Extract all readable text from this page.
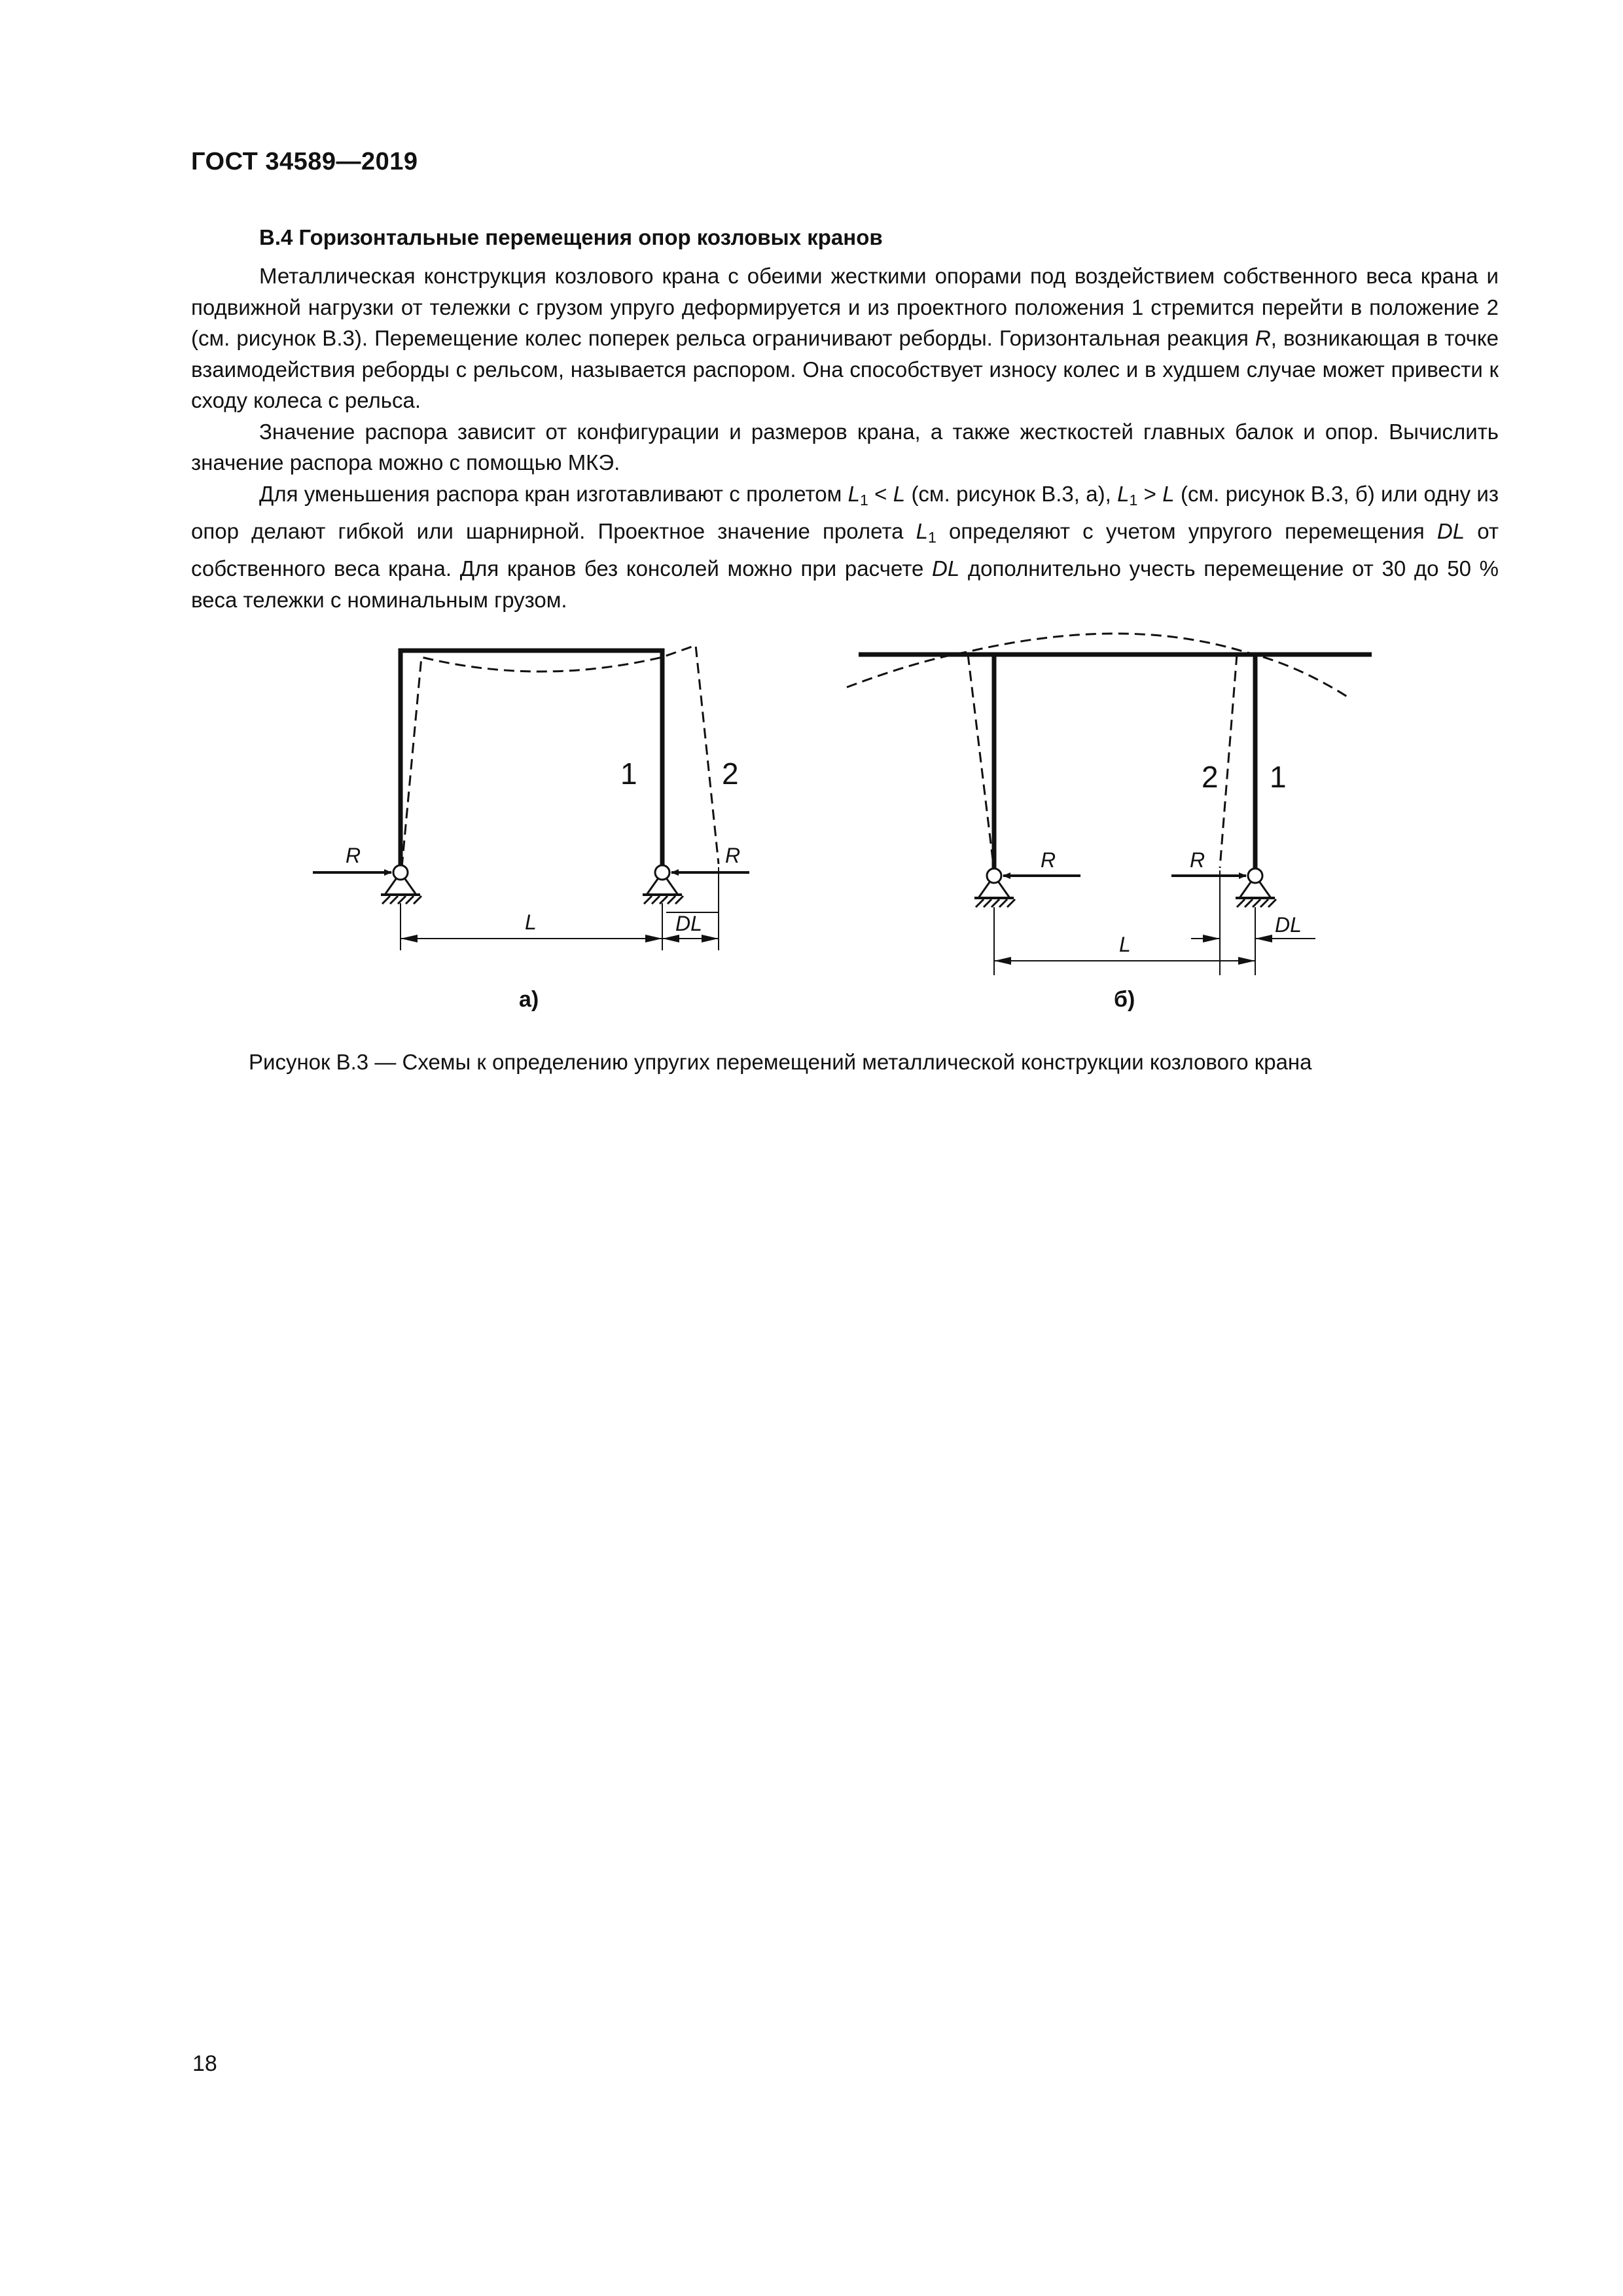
ГОСТ 34589—2019
В.4 Горизонтальные перемещения опор козловых кранов

Металлическая конструкция козлового крана с обеими жесткими опорами под воздействием собственного веса крана и подвижной нагрузки от тележки с грузом упруго деформируется и из проектного положения 1 стремится перейти в положение 2 (см. рисунок В.3). Перемещение колес поперек рельса ограничивают реборды. Горизонтальная реакция R, возникающая в точке взаимодействия реборды с рельсом, называется распором. Она способствует износу колес и в худшем случае может привести к сходу колеса с рельса.

Значение распора зависит от конфигурации и размеров крана, а также жесткостей главных балок и опор. Вычислить значение распора можно с помощью МКЭ.

Для уменьшения распора кран изготавливают с пролетом $L_1 < L$ (см. рисунок В.3, а), $L_1 > L$ (см. рисунок В.3, б) или одну из опор делают гибкой или шарнирной. Проектное значение пролета $L_1$ определяют с учетом упругого перемещения DL от собственного веса крана. Для кранов без консолей можно при расчете DL дополнительно учесть перемещение от 30 до 50 % веса тележки с номинальным грузом.

R	R
1	2
L	DL
а)
R	R
2 1
L
DL
б)
Рисунок В.3 — Схемы к определению упругих перемещений металлической конструкции козлового крана
18
